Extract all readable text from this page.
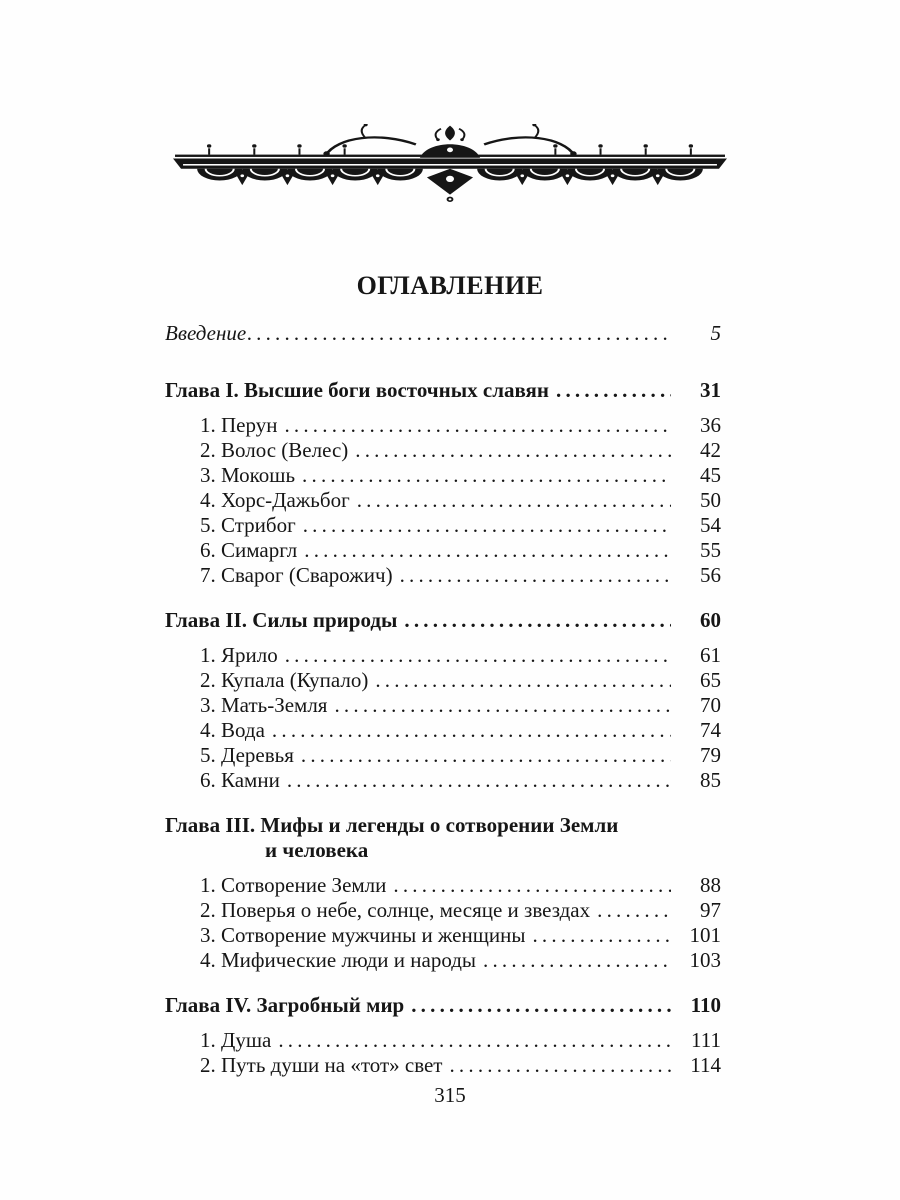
ОГЛАВЛЕНИЕ
Введение .....	5
Глава I. Высшие боги восточных славян .....	31
1. Перун .....	36
2. Волос (Велес) .....	42
3. Мокошь .....	45
4. Хорс-Дажьбог .....	50
5. Стрибог .....	54
6. Симаргл .....	55
7. Сварог (Сварожич) .....	56
Глава II. Силы природы .....	60
1. Ярило .....	61
2. Купала (Купало) .....	65
3. Мать-Земля .....	70
4. Вода .....	74
5. Деревья .....	79
6. Камни .....	85
Глава III. Мифы и легенды о сотворении Земли
и человека
1. Сотворение Земли .....	88
2. Поверья о небе, солнце, месяце и звездах .....	97
3. Сотворение мужчины и женщины .....	101
4. Мифические люди и народы .....	103
Глава IV. Загробный мир .....	110
1. Душа .....	111
2. Путь души на «тот» свет .....	114
315
